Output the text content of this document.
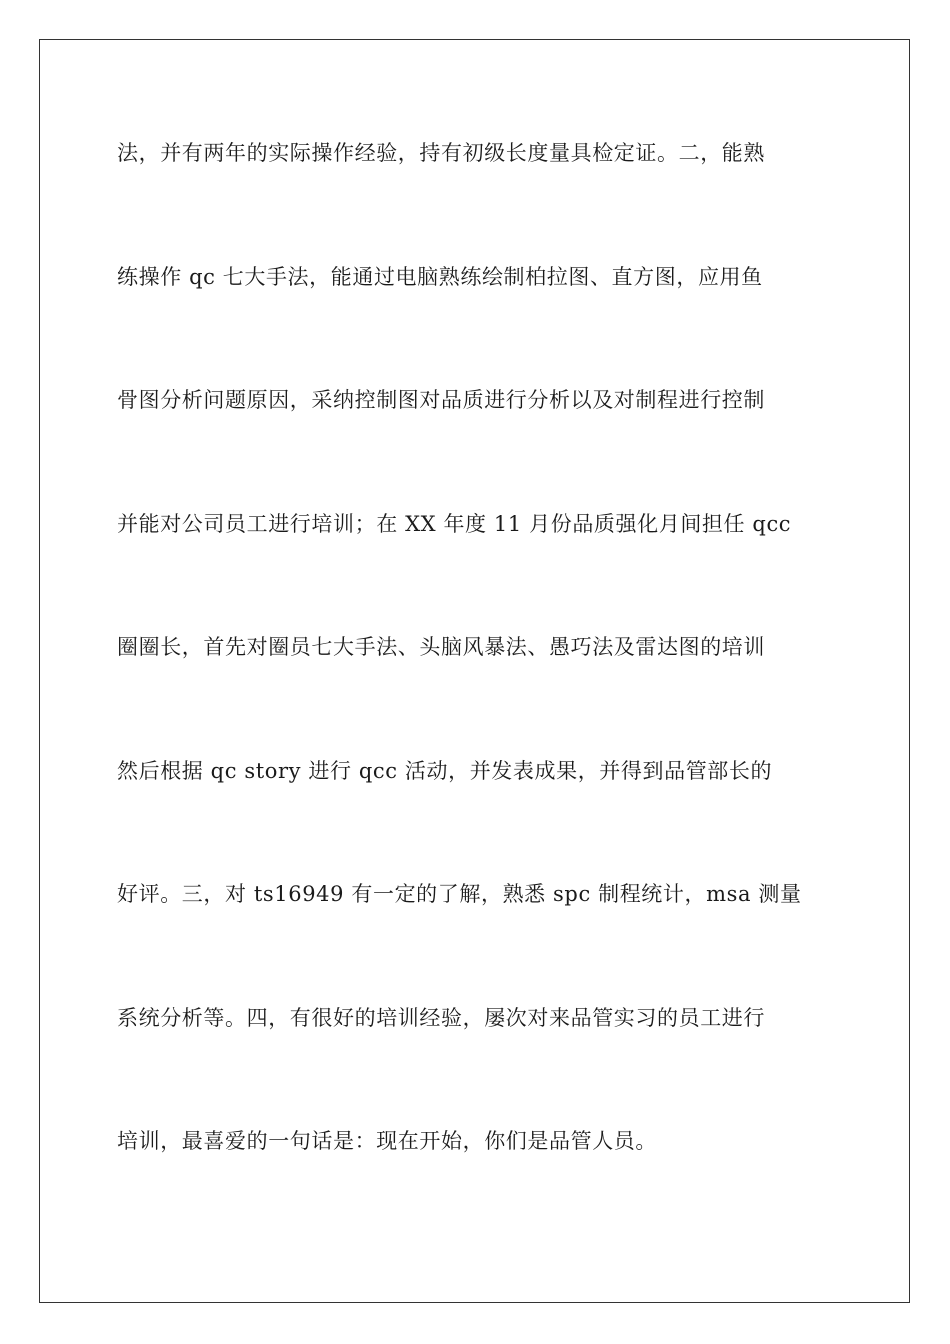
法，并有两年的实际操作经验，持有初级长度量具检定证。二，能熟
练操作 qc 七大手法，能通过电脑熟练绘制柏拉图、直方图，应用鱼
骨图分析问题原因，采纳控制图对品质进行分析以及对制程进行控制
并能对公司员工进行培训；在 XX 年度 11 月份品质强化月间担任 qcc
圈圈长，首先对圈员七大手法、头脑风暴法、愚巧法及雷达图的培训
然后根据 qc story 进行 qcc 活动，并发表成果，并得到品管部长的
好评。三，对 ts16949 有一定的了解，熟悉 spc 制程统计，msa 测量
系统分析等。四，有很好的培训经验，屡次对来品管实习的员工进行
培训，最喜爱的一句话是：现在开始，你们是品管人员。
